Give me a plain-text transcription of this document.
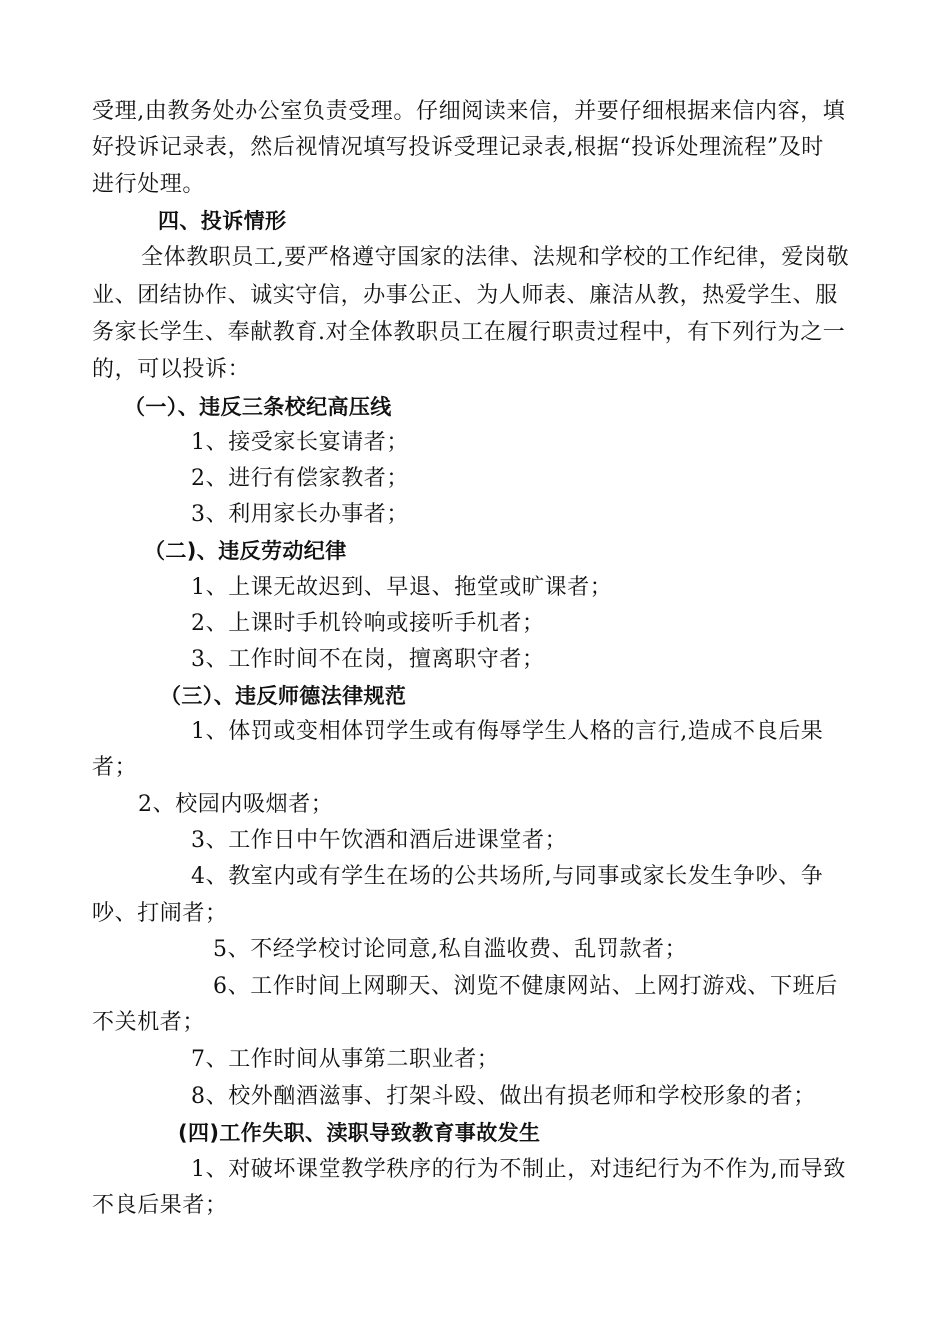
受理,由教务处办公室负责受理。仔细阅读来信，并要仔细根据来信内容，填
好投诉记录表，然后视情况填写投诉受理记录表,根据“投诉处理流程”及时
进行处理。
四、投诉情形
全体教职员工,要严格遵守国家的法律、法规和学校的工作纪律，爱岗敬
业、团结协作、诚实守信，办事公正、为人师表、廉洁从教，热爱学生、服
务家长学生、奉献教育.对全体教职员工在履行职责过程中，有下列行为之一
的，可以投诉：
（一）、违反三条校纪高压线
1、接受家长宴请者；
2、进行有偿家教者；
3、利用家长办事者；
（二)、违反劳动纪律
1、上课无故迟到、早退、拖堂或旷课者；
2、上课时手机铃响或接听手机者；
3、工作时间不在岗，擅离职守者；
（三）、违反师德法律规范
1、体罚或变相体罚学生或有侮辱学生人格的言行,造成不良后果
者；
2、校园内吸烟者；
3、工作日中午饮酒和酒后进课堂者；
4、教室内或有学生在场的公共场所,与同事或家长发生争吵、争
吵、打闹者；
5、不经学校讨论同意,私自滥收费、乱罚款者；
6、工作时间上网聊天、浏览不健康网站、上网打游戏、下班后
不关机者；
7、工作时间从事第二职业者；
8、校外酗酒滋事、打架斗殴、做出有损老师和学校形象的者；
(四)工作失职、渎职导致教育事故发生
1、对破坏课堂教学秩序的行为不制止，对违纪行为不作为,而导致
不良后果者；
